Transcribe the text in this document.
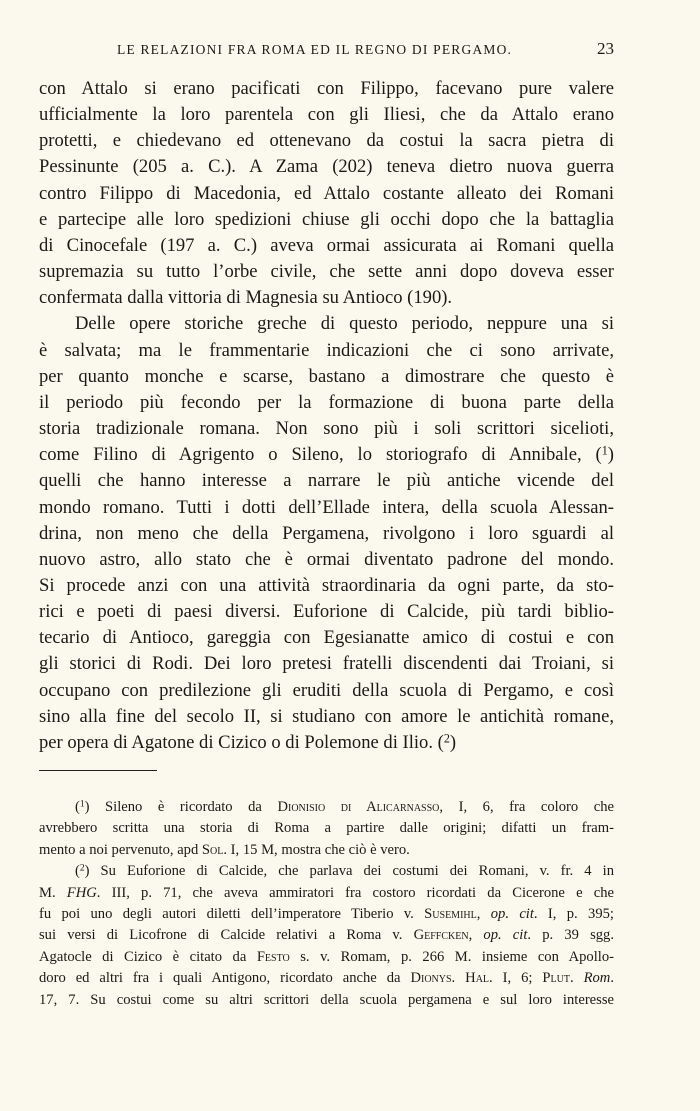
LE RELAZIONI FRA ROMA ED IL REGNO DI PERGAMO.	23

con Attalo si erano pacificati con Filippo, facevano pure valere

ufficialmente la loro parentela con gli Iliesi, che da Attalo erano

protetti, e chiedevano ed ottenevano da costui la sacra pietra di

Pessinunte (205 a. C.). A Zama (202) teneva dietro nuova guerra

contro Filippo di Macedonia, ed Attalo costante alleato dei Romani

e partecipe alle loro spedizioni chiuse gli occhi dopo che la battaglia

di Cinocefale (197 a. C.) aveva ormai assicurata ai Romani quella

supremazia su tutto l’orbe civile, che sette anni dopo doveva esser

confermata dalla vittoria di Magnesia su Antioco (190).

Delle opere storiche greche di questo periodo, neppure una si

è salvata; ma le frammentarie indicazioni che ci sono arrivate,

per quanto monche e scarse, bastano a dimostrare che questo è

il periodo più fecondo per la formazione di buona parte della

storia tradizionale romana. Non sono più i soli scrittori sicelioti,

come Filino di Agrigento o Sileno, lo storiografo di Annibale, ($^1$)

quelli che hanno interesse a narrare le più antiche vicende del

mondo romano. Tutti i dotti dell’Ellade intera, della scuola Alessan-

drina, non meno che della Pergamena, rivolgono i loro sguardi al

nuovo astro, allo stato che è ormai diventato padrone del mondo.

Si procede anzi con una attività straordinaria da ogni parte, da sto-

rici e poeti di paesi diversi. Euforione di Calcide, più tardi biblio-

tecario di Antioco, gareggia con Egesianatte amico di costui e con

gli storici di Rodi. Dei loro pretesi fratelli discendenti dai Troiani, si

occupano con predilezione gli eruditi della scuola di Pergamo, e così

sino alla fine del secolo II, si studiano con amore le antichità romane,

per opera di Agatone di Cizico o di Polemone di Ilio. ($^2$)

($^1$) Sileno è ricordato da Dionisio di Alicarnasso, I, 6, fra coloro che

avrebbero scritta una storia di Roma a partire dalle origini; difatti un fram-

mento a noi pervenuto, apd Sol. I, 15 M, mostra che ciò è vero.

($^2$) Su Euforione di Calcide, che parlava dei costumi dei Romani, v. fr. 4 in

M. FHG. III, p. 71, che aveva ammiratori fra costoro ricordati da Cicerone e che

fu poi uno degli autori diletti dell’imperatore Tiberio v. Susemihl, op. cit. I, p. 395;

sui versi di Licofrone di Calcide relativi a Roma v. Geffcken, op. cit. p. 39 sgg.

Agatocle di Cizico è citato da Festo s. v. Romam, p. 266 M. insieme con Apollo-

doro ed altri fra i quali Antigono, ricordato anche da Dionys. Hal. I, 6; Plut. Rom.

17, 7. Su costui come su altri scrittori della scuola pergamena e sul loro interesse
